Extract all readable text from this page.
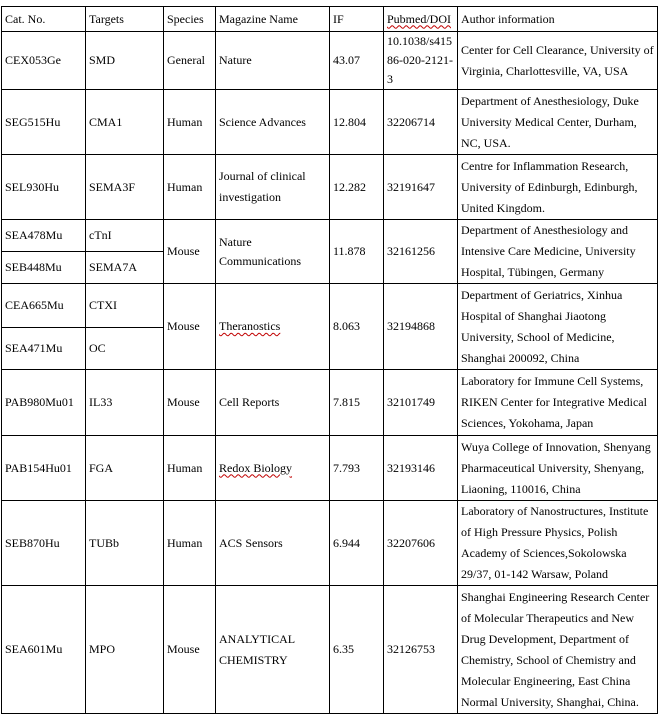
Cat. No.	Targets	Species	Magazine Name	IF	Pubmed/DOI	Author information
CEX053Ge	SMD	General	Nature	43.07	10.1038/s41586-020-2121-3	Center for Cell Clearance, University of Virginia, Charlottesville, VA, USA
SEG515Hu	CMA1	Human	Science Advances	12.804	32206714	Department of Anesthesiology, Duke University Medical Center, Durham, NC, USA.
SEL930Hu	SEMA3F	Human	Journal of clinical investigation	12.282	32191647	Centre for Inflammation Research, University of Edinburgh, Edinburgh, United Kingdom.
SEA478Mu	cTnI	Mouse	Nature Communications	11.878	32161256	Department of Anesthesiology and Intensive Care Medicine, University Hospital, Tübingen, Germany
SEB448Mu	SEMA7A					
CEA665Mu	CTXI	Mouse	Theranostics	8.063	32194868	Department of Geriatrics, Xinhua Hospital of Shanghai Jiaotong University, School of Medicine, Shanghai 200092, China
SEA471Mu	OC					
PAB980Mu01	IL33	Mouse	Cell Reports	7.815	32101749	Laboratory for Immune Cell Systems, RIKEN Center for Integrative Medical Sciences, Yokohama, Japan
PAB154Hu01	FGA	Human	Redox Biology	7.793	32193146	Wuya College of Innovation, Shenyang Pharmaceutical University, Shenyang, Liaoning, 110016, China
SEB870Hu	TUBb	Human	ACS Sensors	6.944	32207606	Laboratory of Nanostructures, Institute of High Pressure Physics, Polish Academy of Sciences,Sokolowska 29/37, 01-142 Warsaw, Poland
SEA601Mu	MPO	Mouse	ANALYTICAL CHEMISTRY	6.35	32126753	Shanghai Engineering Research Center of Molecular Therapeutics and New Drug Development, Department of Chemistry, School of Chemistry and Molecular Engineering, East China Normal University, Shanghai, China.
